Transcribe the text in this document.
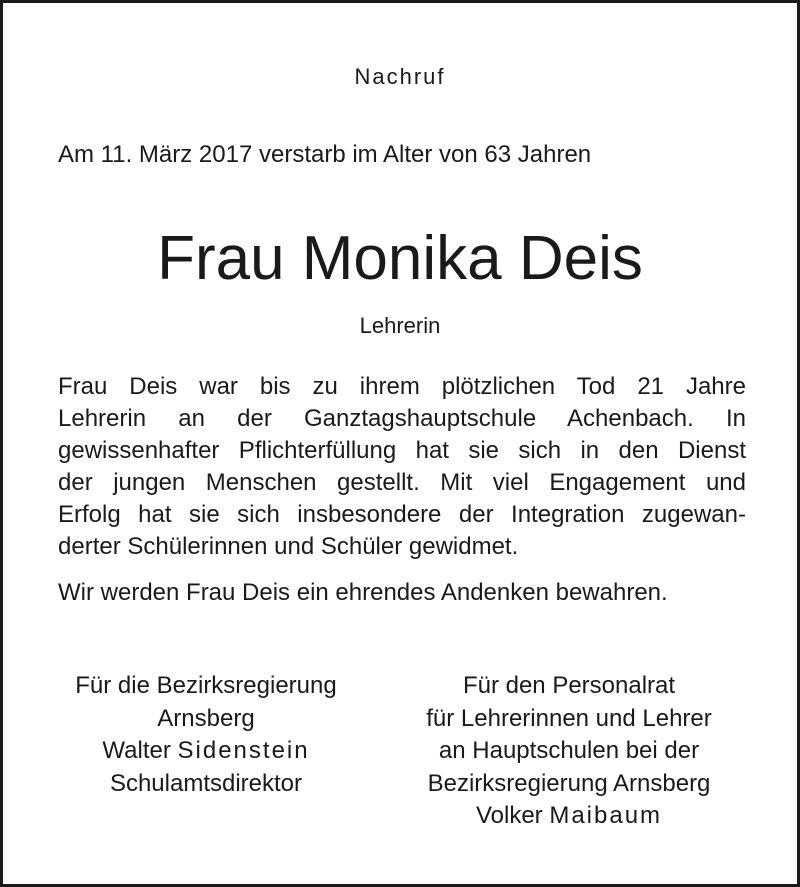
Nachruf
Am 11. März 2017 verstarb im Alter von 63 Jahren
Frau Monika Deis
Lehrerin
Frau Deis war bis zu ihrem plötzlichen Tod 21 Jahre
Lehrerin an der Ganztagshauptschule Achenbach. In
gewissenhafter Pflichterfüllung hat sie sich in den Dienst
der jungen Menschen gestellt. Mit viel Engagement und
Erfolg hat sie sich insbesondere der Integration zugewan-
derter Schülerinnen und Schüler gewidmet.
Wir werden Frau Deis ein ehrendes Andenken bewahren.
Für die Bezirksregierung
Arnsberg
Walter Sidenstein
Schulamtsdirektor
Für den Personalrat
für Lehrerinnen und Lehrer
an Hauptschulen bei der
Bezirksregierung Arnsberg
Volker Maibaum
